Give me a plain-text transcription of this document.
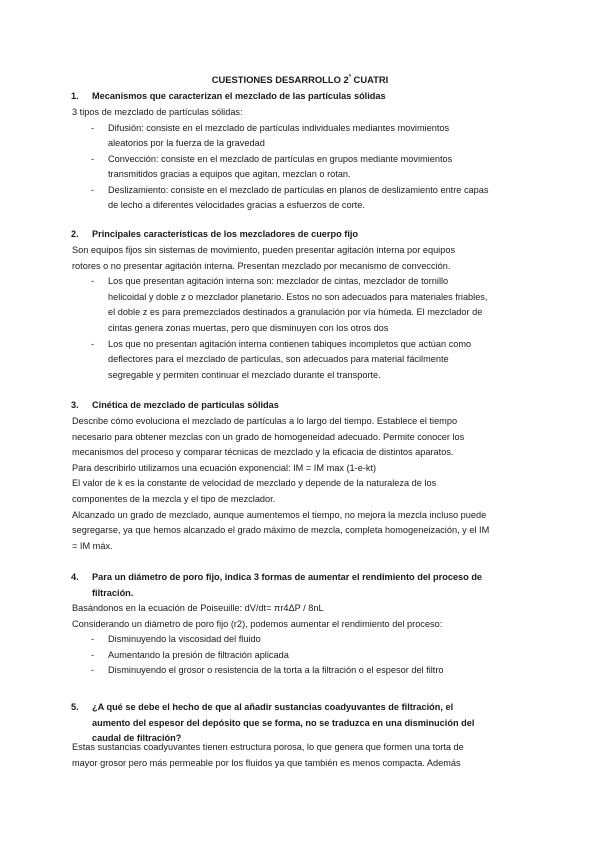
CUESTIONES DESARROLLO $2^º$ CUATRI
1. Mecanismos que caracterizan el mezclado de las partículas sólidas
3 tipos de mezclado de partículas sólidas:
- Difusión: consiste en el mezclado de partículas individuales mediantes movimientos
aleatorios por la fuerza de la gravedad
- Convección: consiste en el mezclado de partículas en grupos mediante movimientos
transmitidos gracias a equipos que agitan, mezclan o rotan.
- Deslizamiento: consiste en el mezclado de partículas en planos de deslizamiento entre capas
de lecho a diferentes velocidades gracias a esfuerzos de corte.
2. Principales características de los mezcladores de cuerpo fijo
Son equipos fijos sin sistemas de movimiento, pueden presentar agitación interna por equipos
rotores o no presentar agitación interna. Presentan mezclado por mecanismo de convección.
- Los que presentan agitación interna son: mezclador de cintas, mezclador de tornillo
helicoidal y doble z o mezclador planetario. Estos no son adecuados para materiales friables,
el doble z es para premezclados destinados a granulación por vía húmeda. El mezclador de
cintas genera zonas muertas, pero que disminuyen con los otros dos
- Los que no presentan agitación interna contienen tabiques incompletos que actúan como
deflectores para el mezclado de partículas, son adecuados para material fácilmente
segregable y permiten continuar el mezclado durante el transporte.
3. Cinética de mezclado de partículas sólidas
Describe cómo evoluciona el mezclado de partículas a lo largo del tiempo. Establece el tiempo
necesario para obtener mezclas con un grado de homogeneidad adecuado. Permite conocer los
mecanismos del proceso y comparar técnicas de mezclado y la eficacia de distintos aparatos.
Para describirlo utilizamos una ecuación exponencial: IM = IM max (1-e-kt)
El valor de k es la constante de velocidad de mezclado y depende de la naturaleza de los
componentes de la mezcla y el tipo de mezclador.
Alcanzado un grado de mezclado, aunque aumentemos el tiempo, no mejora la mezcla incluso puede
segregarse, ya que hemos alcanzado el grado máximo de mezcla, completa homogeneización, y el IM
= IM máx.
4. Para un diámetro de poro fijo, indica 3 formas de aumentar el rendimiento del proceso de
filtración.
Basándonos en la ecuación de Poiseuille: dV/dt= πr4ΔP / 8nL
Considerando un diámetro de poro fijo (r2), podemos aumentar el rendimiento del proceso:
- Disminuyendo la viscosidad del fluido
- Aumentando la presión de filtración aplicada
- Disminuyendo el grosor o resistencia de la torta a la filtración o el espesor del filtro
5. ¿A qué se debe el hecho de que al añadir sustancias coadyuvantes de filtración, el
aumento del espesor del depósito que se forma, no se traduzca en una disminución del
caudal de filtración?
Estas sustancias coadyuvantes tienen estructura porosa, lo que genera que formen una torta de
mayor grosor pero más permeable por los fluidos ya que también es menos compacta. Además
